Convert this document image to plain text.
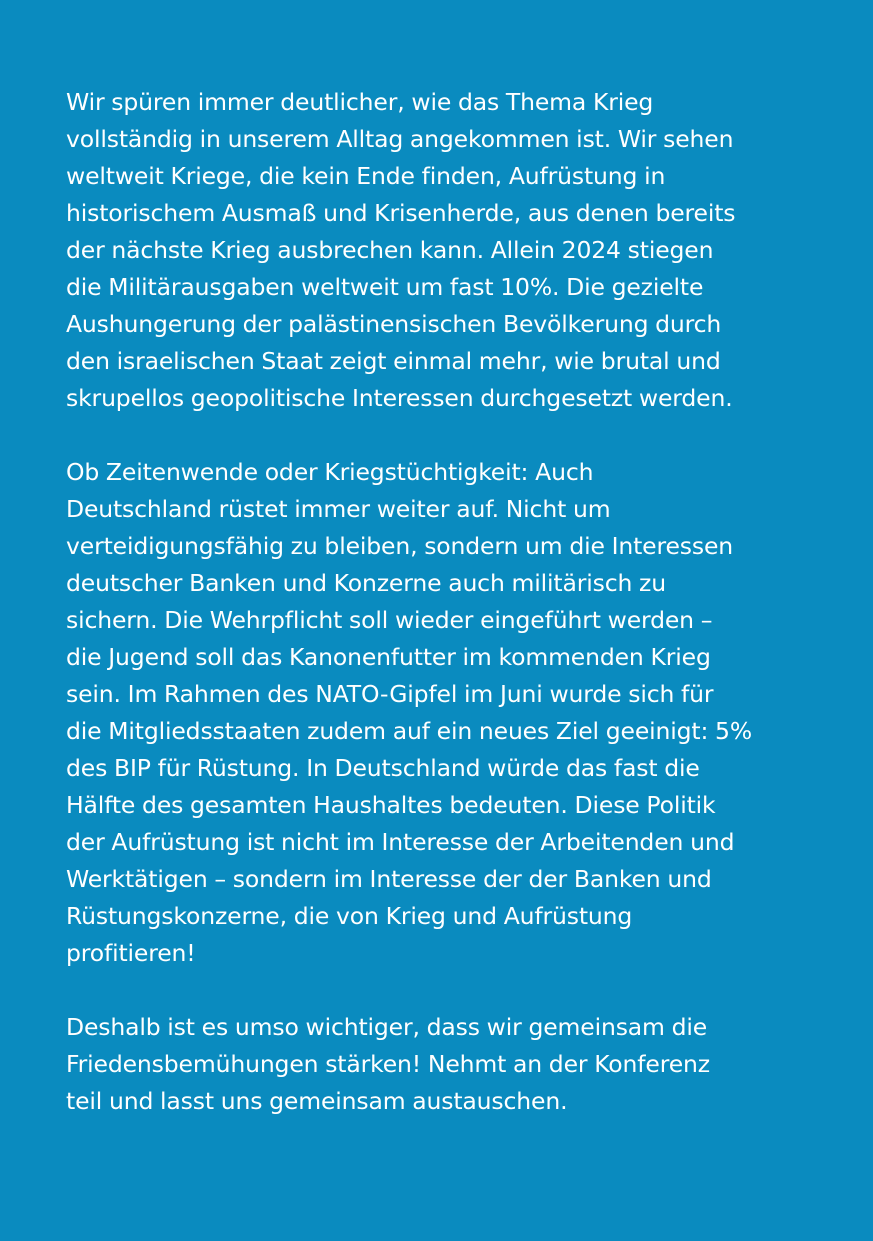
Wir spüren immer deutlicher, wie das Thema Krieg
vollständig in unserem Alltag angekommen ist. Wir sehen
weltweit Kriege, die kein Ende finden, Aufrüstung in
historischem Ausmaß und Krisenherde, aus denen bereits
der nächste Krieg ausbrechen kann. Allein 2024 stiegen
die Militärausgaben weltweit um fast 10%. Die gezielte
Aushungerung der palästinensischen Bevölkerung durch
den israelischen Staat zeigt einmal mehr, wie brutal und
skrupellos geopolitische Interessen durchgesetzt werden.

Ob Zeitenwende oder Kriegstüchtigkeit: Auch
Deutschland rüstet immer weiter auf. Nicht um
verteidigungsfähig zu bleiben, sondern um die Interessen
deutscher Banken und Konzerne auch militärisch zu
sichern. Die Wehrpflicht soll wieder eingeführt werden –
die Jugend soll das Kanonenfutter im kommenden Krieg
sein. Im Rahmen des NATO-Gipfel im Juni wurde sich für
die Mitgliedsstaaten zudem auf ein neues Ziel geeinigt: 5%
des BIP für Rüstung. In Deutschland würde das fast die
Hälfte des gesamten Haushaltes bedeuten. Diese Politik
der Aufrüstung ist nicht im Interesse der Arbeitenden und
Werktätigen – sondern im Interesse der der Banken und
Rüstungskonzerne, die von Krieg und Aufrüstung
profitieren!

Deshalb ist es umso wichtiger, dass wir gemeinsam die
Friedensbemühungen stärken! Nehmt an der Konferenz
teil und lasst uns gemeinsam austauschen.
